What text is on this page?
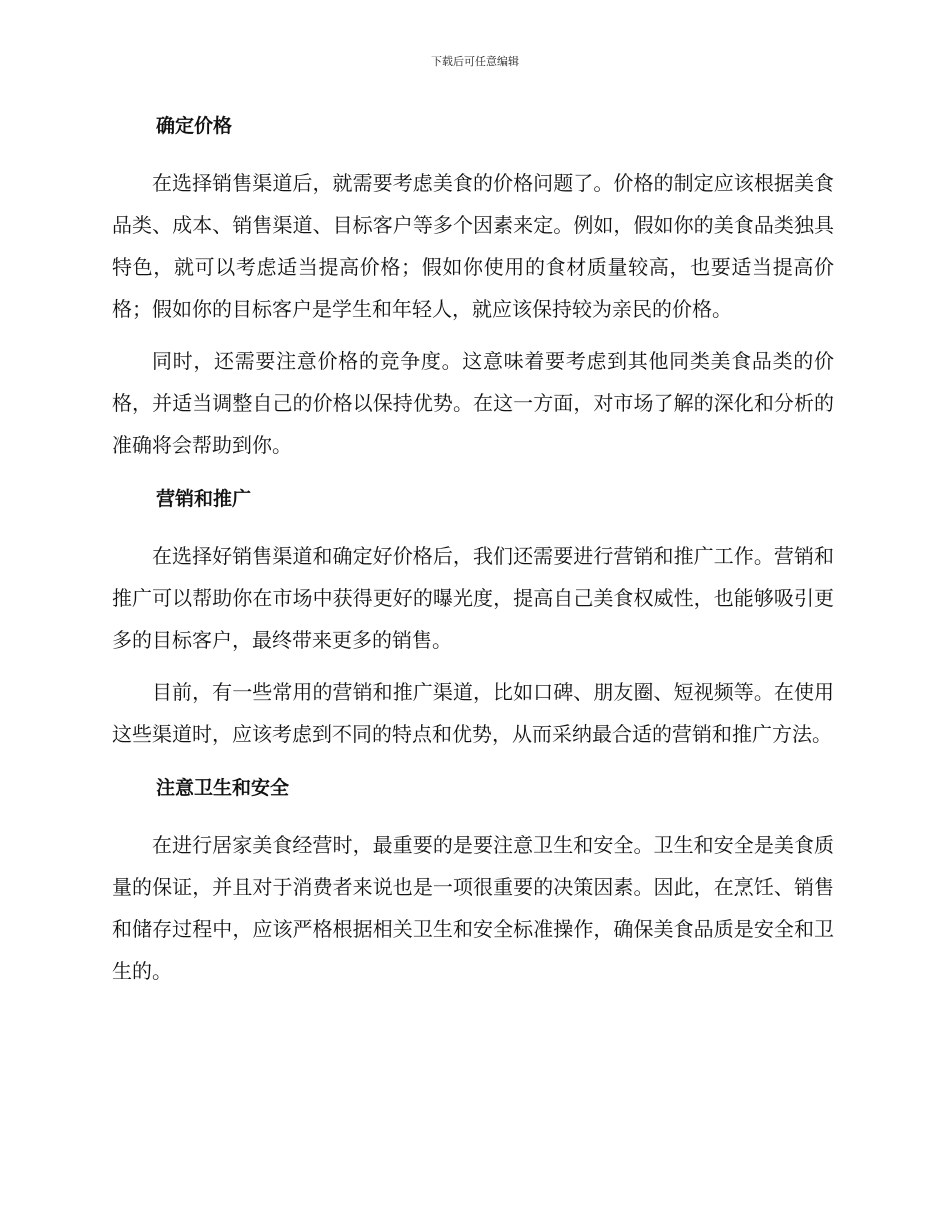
下载后可任意编辑
确定价格

在选择销售渠道后，就需要考虑美食的价格问题了。价格的制定应该根据美食品类、成本、销售渠道、目标客户等多个因素来定。例如，假如你的美食品类独具特色，就可以考虑适当提高价格；假如你使用的食材质量较高，也要适当提高价格；假如你的目标客户是学生和年轻人，就应该保持较为亲民的价格。

同时，还需要注意价格的竞争度。这意味着要考虑到其他同类美食品类的价格，并适当调整自己的价格以保持优势。在这一方面，对市场了解的深化和分析的准确将会帮助到你。

营销和推广

在选择好销售渠道和确定好价格后，我们还需要进行营销和推广工作。营销和推广可以帮助你在市场中获得更好的曝光度，提高自己美食权威性，也能够吸引更多的目标客户，最终带来更多的销售。

目前，有一些常用的营销和推广渠道，比如口碑、朋友圈、短视频等。在使用这些渠道时，应该考虑到不同的特点和优势，从而采纳最合适的营销和推广方法。

注意卫生和安全

在进行居家美食经营时，最重要的是要注意卫生和安全。卫生和安全是美食质量的保证，并且对于消费者来说也是一项很重要的决策因素。因此，在烹饪、销售和储存过程中，应该严格根据相关卫生和安全标准操作，确保美食品质是安全和卫生的。
